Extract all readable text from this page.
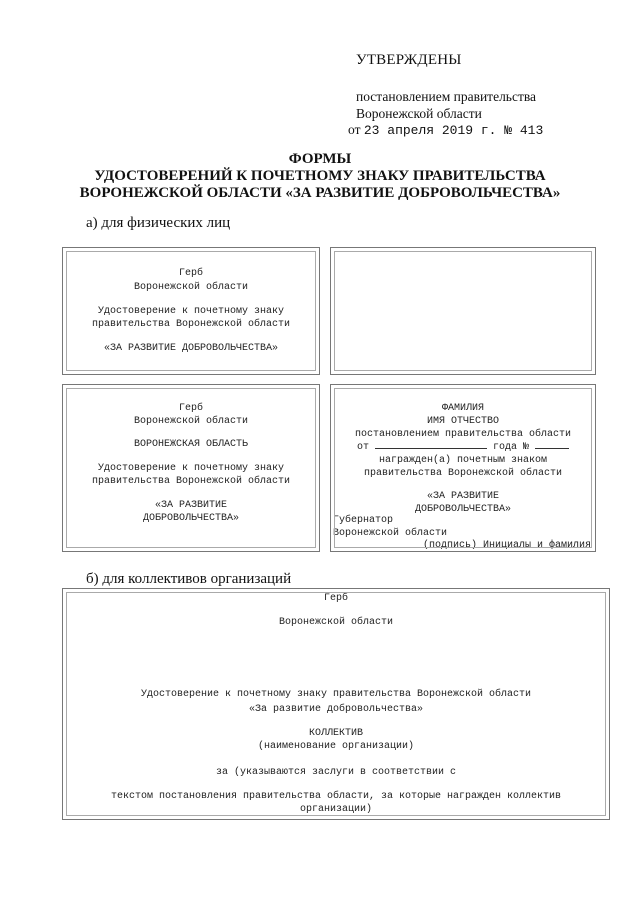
УТВЕРЖДЕНЫ
постановлением правительства
Воронежской области
от 23 апреля 2019 г. № 413
ФОРМЫ
УДОСТОВЕРЕНИЙ К ПОЧЕТНОМУ ЗНАКУ ПРАВИТЕЛЬСТВА
ВОРОНЕЖСКОЙ ОБЛАСТИ «ЗА РАЗВИТИЕ ДОБРОВОЛЬЧЕСТВА»
а) для физических лиц
Герб
Воронежской области
Удостоверение к почетному знаку
правительства Воронежской области
«ЗА РАЗВИТИЕ ДОБРОВОЛЬЧЕСТВА»
Герб
Воронежской области
ВОРОНЕЖСКАЯ ОБЛАСТЬ
Удостоверение к почетному знаку
правительства Воронежской области
«ЗА РАЗВИТИЕ
ДОБРОВОЛЬЧЕСТВА»
ФАМИЛИЯ
ИМЯ ОТЧЕСТВО
постановлением правительства области
от	года №
награжден(а) почетным знаком
правительства Воронежской области
«ЗА РАЗВИТИЕ
ДОБРОВОЛЬЧЕСТВА»
Губернатор
Воронежской области
(подпись) Инициалы и фамилия
б) для коллективов организаций
Герб
Воронежской области
Удостоверение к почетному знаку правительства Воронежской области
«За развитие добровольчества»
КОЛЛЕКТИВ
(наименование организации)
за (указываются заслуги в соответствии с
текстом постановления правительства области, за которые награжден коллектив
организации)
